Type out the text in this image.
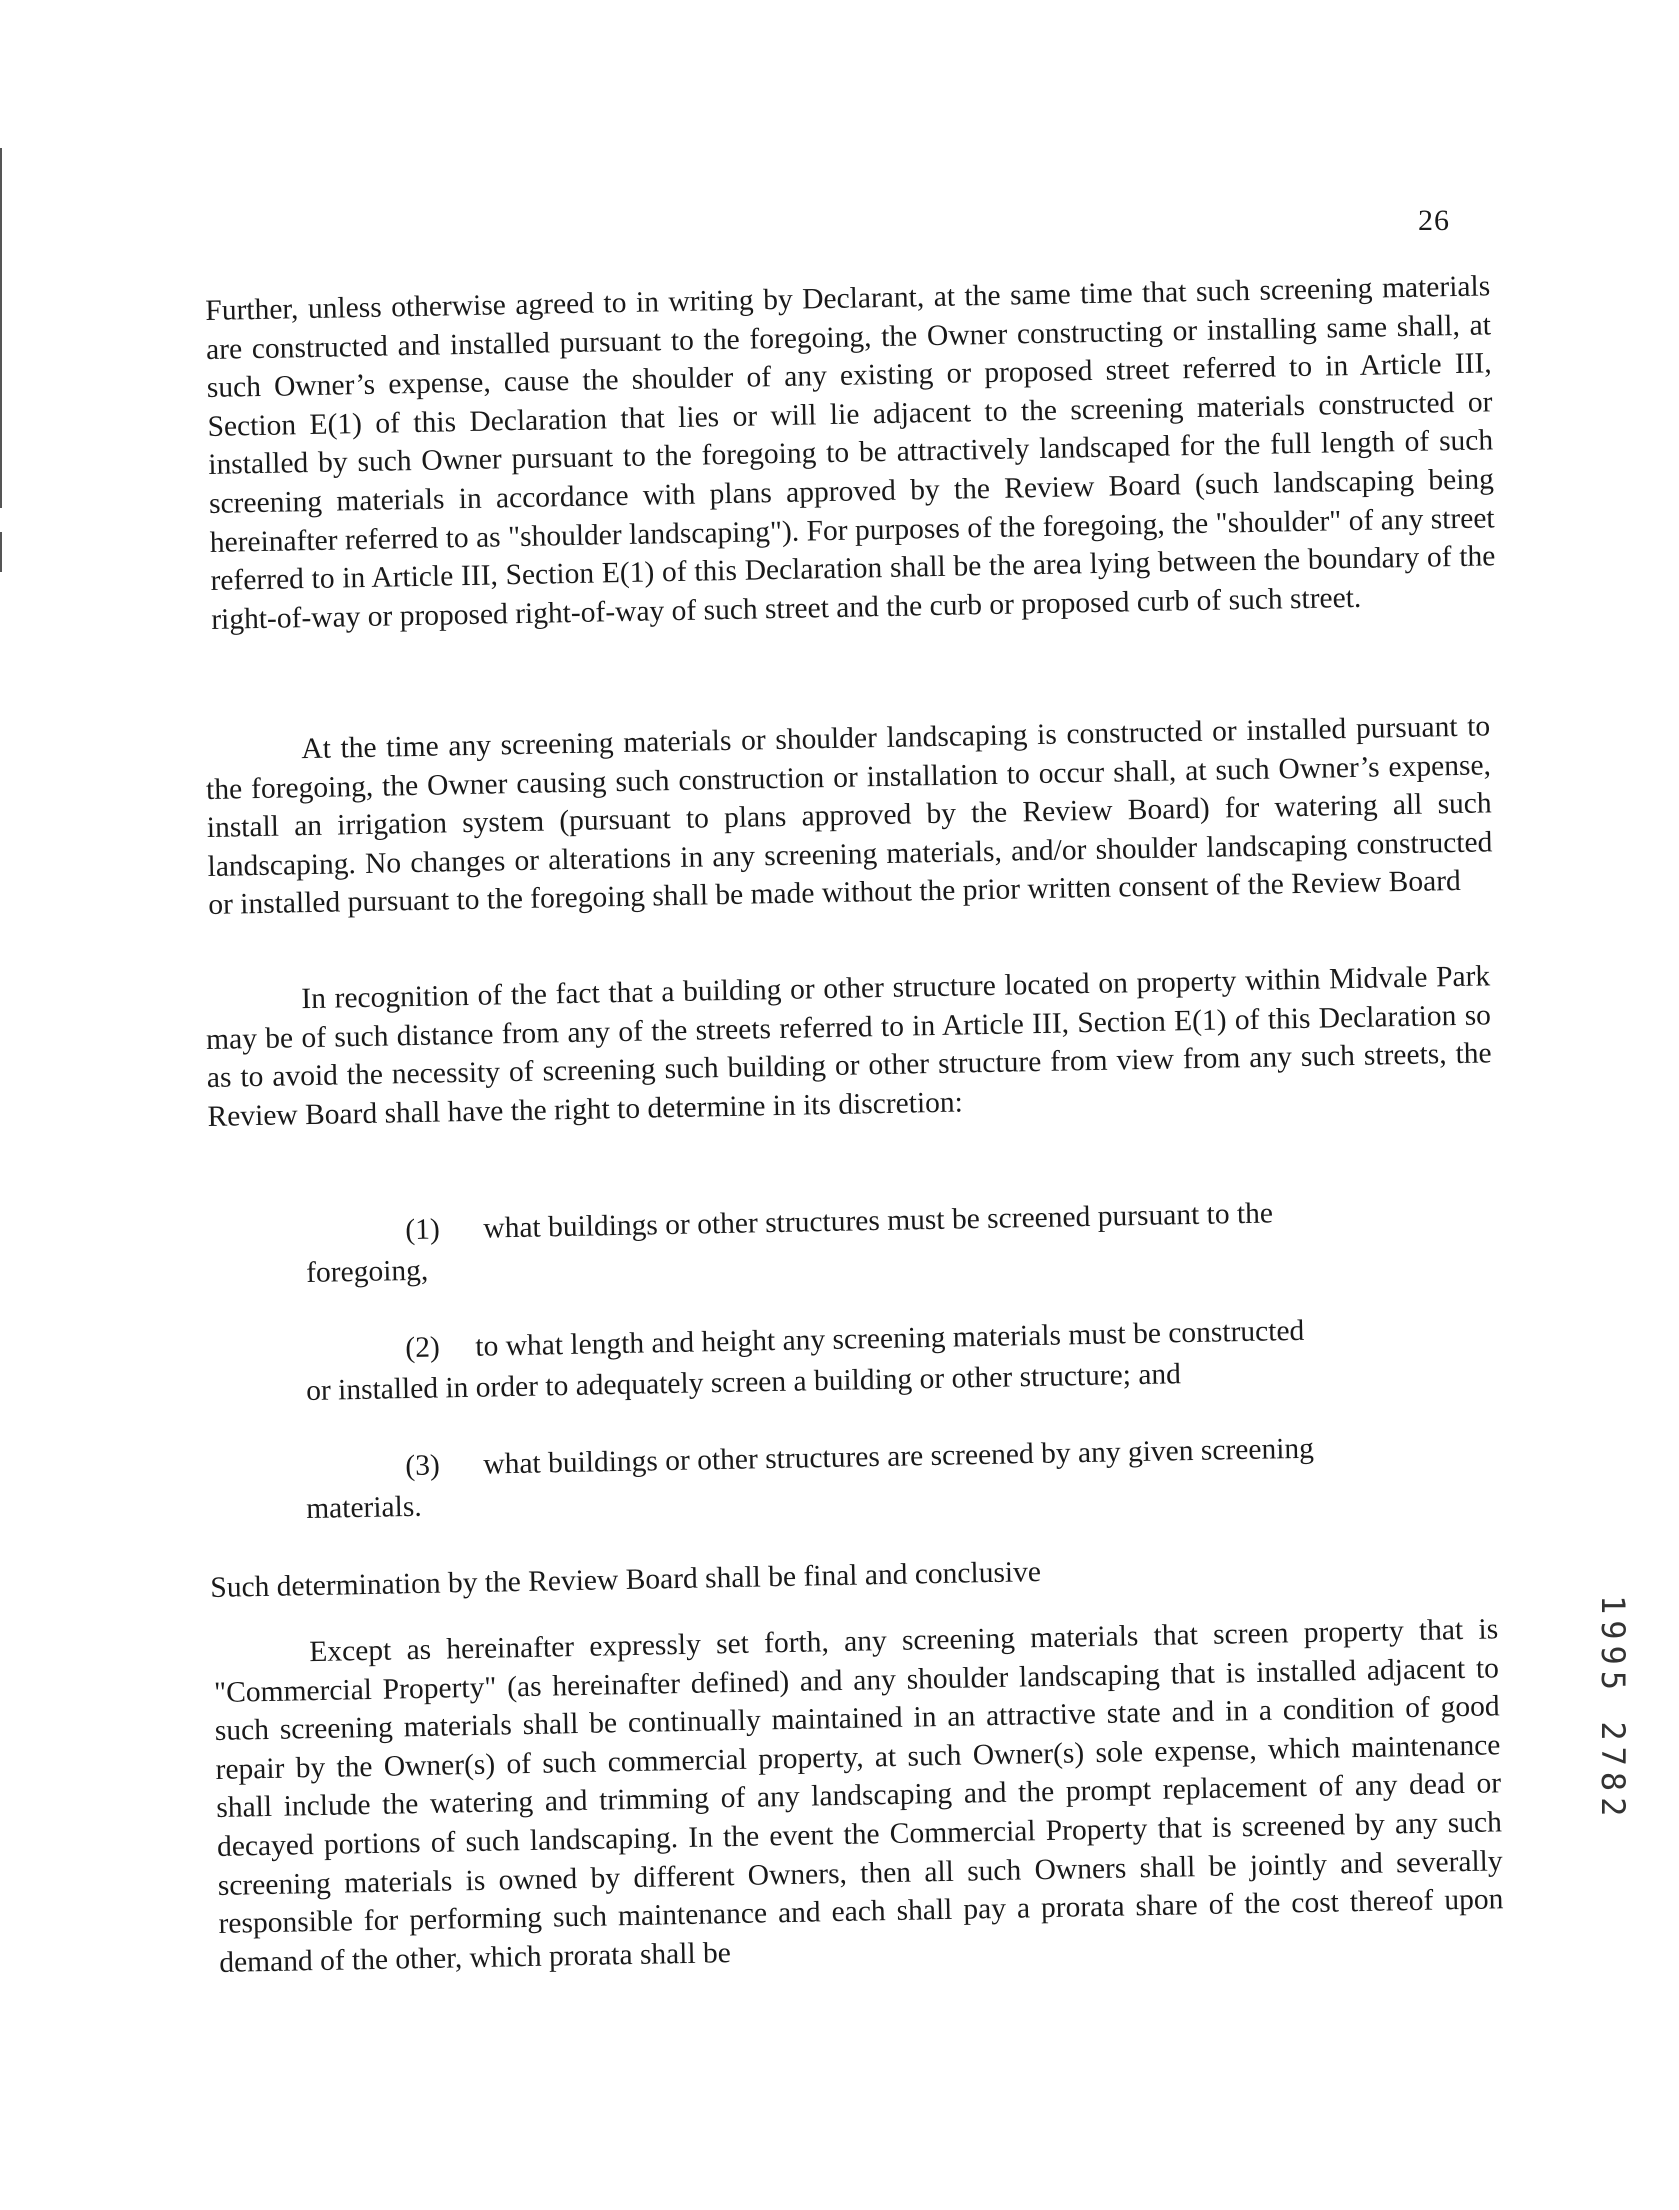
26

Further, unless otherwise agreed to in writing by Declarant, at the same time that such screening materials are constructed and installed pursuant to the foregoing, the Owner constructing or installing same shall, at such Owner’s expense, cause the shoulder of any existing or proposed street referred to in Article III, Section E(1) of this Declaration that lies or will lie adjacent to the screening materials constructed or installed by such Owner pursuant to the foregoing to be attractively landscaped for the full length of such screening materials in accordance with plans approved by the Review Board (such landscaping being hereinafter referred to as "shoulder landscaping"). For purposes of the foregoing, the "shoulder" of any street referred to in Article III, Section E(1) of this Declaration shall be the area lying between the boundary of the right-of-way or proposed right-of-way of such street and the curb or proposed curb of such street.

At the time any screening materials or shoulder landscaping is constructed or installed pursuant to the foregoing, the Owner causing such construction or installation to occur shall, at such Owner’s expense, install an irrigation system (pursuant to plans approved by the Review Board) for watering all such landscaping. No changes or alterations in any screening materials, and/or shoulder landscaping constructed or installed pursuant to the foregoing shall be made without the prior written consent of the Review Board

In recognition of the fact that a building or other structure located on property within Midvale Park may be of such distance from any of the streets referred to in Article III, Section E(1) of this Declaration so as to avoid the necessity of screening such building or other structure from view from any such streets, the Review Board shall have the right to determine in its discretion:

(1) what buildings or other structures must be screened pursuant to the
foregoing,
(2) to what length and height any screening materials must be constructed
or installed in order to adequately screen a building or other structure; and
(3) what buildings or other structures are screened by any given screening
materials.

Such determination by the Review Board shall be final and conclusive

Except as hereinafter expressly set forth, any screening materials that screen property that is "Commercial Property" (as hereinafter defined) and any shoulder landscaping that is installed adjacent to such screening materials shall be continually maintained in an attractive state and in a condition of good repair by the Owner(s) of such commercial property, at such Owner(s) sole expense, which maintenance shall include the watering and trimming of any landscaping and the prompt replacement of any dead or decayed portions of such landscaping. In the event the Commercial Property that is screened by any such screening materials is owned by different Owners, then all such Owners shall be jointly and severally responsible for performing such maintenance and each shall pay a prorata share of the cost thereof upon demand of the other, which prorata shall be

1995 2782
